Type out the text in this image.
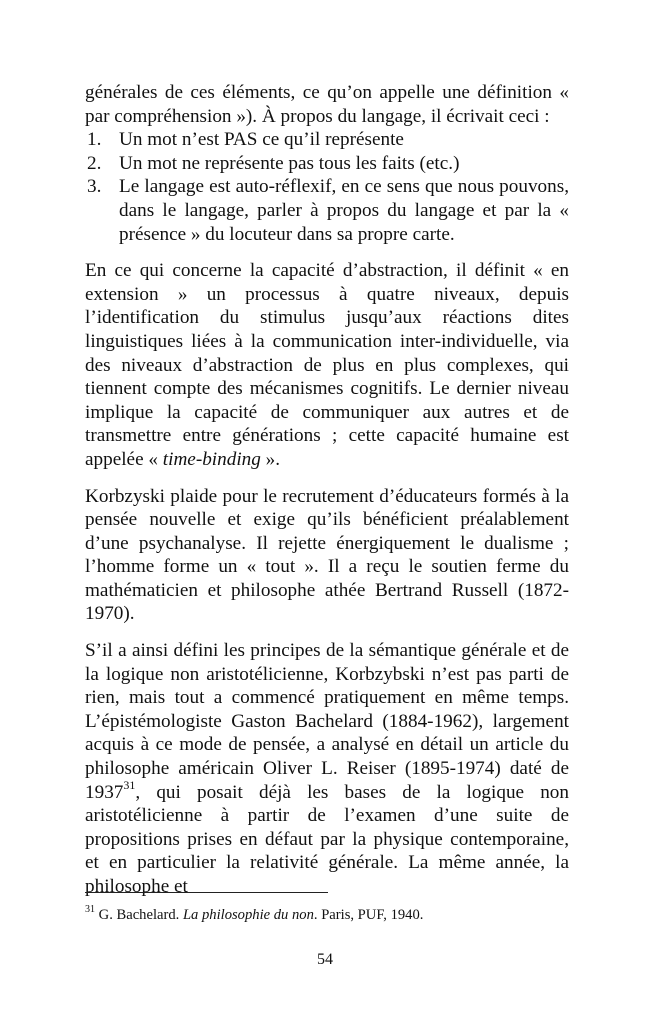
générales de ces éléments, ce qu’on appelle une définition « par compréhension »). À propos du langage, il écrivait ceci :

1. Un mot n’est PAS ce qu’il représente
2. Un mot ne représente pas tous les faits (etc.)
3. Le langage est auto-réflexif, en ce sens que nous pouvons, dans le langage, parler à propos du langage et par la « présence » du locuteur dans sa propre carte.

En ce qui concerne la capacité d’abstraction, il définit « en extension » un processus à quatre niveaux, depuis l’identification du stimulus jusqu’aux réactions dites linguistiques liées à la communication inter-individuelle, via des niveaux d’abstraction de plus en plus complexes, qui tiennent compte des mécanismes cognitifs. Le dernier niveau implique la capacité de communiquer aux autres et de transmettre entre générations ; cette capacité humaine est appelée « time-binding ».

Korbzyski plaide pour le recrutement d’éducateurs formés à la pensée nouvelle et exige qu’ils bénéficient préalablement d’une psychanalyse. Il rejette énergiquement le dualisme ; l’homme forme un « tout ». Il a reçu le soutien ferme du mathématicien et philosophe athée Bertrand Russell (1872-1970).

S’il a ainsi défini les principes de la sémantique générale et de la logique non aristotélicienne, Korbzybski n’est pas parti de rien, mais tout a commencé pratiquement en même temps. L’épistémologiste Gaston Bachelard (1884-1962), largement acquis à ce mode de pensée, a analysé en détail un article du philosophe américain Oliver L. Reiser (1895-1974) daté de 1937$^{31}$, qui posait déjà les bases de la logique non aristotélicienne à partir de l’examen d’une suite de propositions prises en défaut par la physique contemporaine, et en particulier la relativité générale. La même année, la philosophe et

$^{31}$ G. Bachelard. La philosophie du non. Paris, PUF, 1940.

54
